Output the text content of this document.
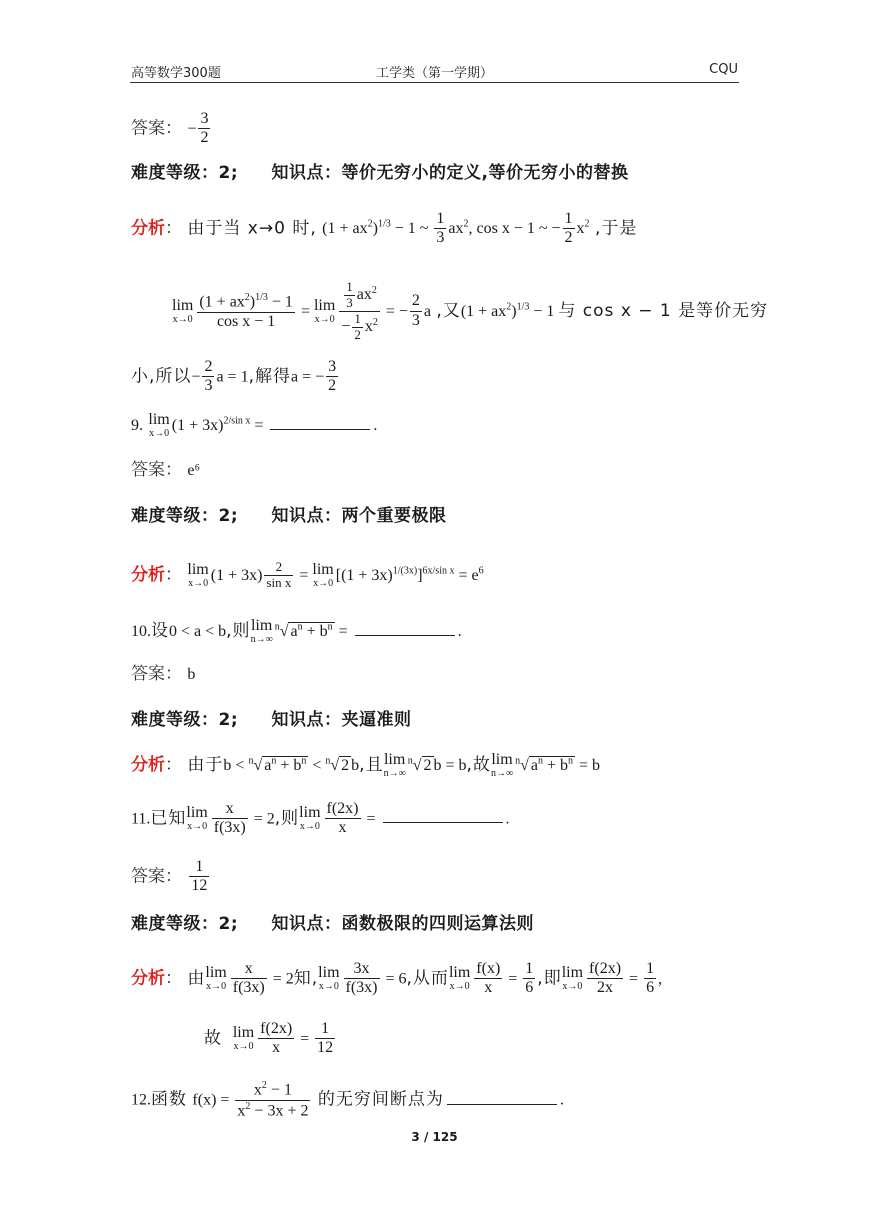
高等数学300题	工学类（第一学期）	CQU
答案： − $\frac{3}{2}$
难度等级：2; 知识点：等价无穷小的定义,等价无穷小的替换
分析： 由于当 x→0 时, $(1 + ax^2)^{1/3} - 1$ ~ $\frac{1}{3} ax^2$, cos x − 1 ~ − $\frac{1}{2} x^2$ ,于是
lim
$x\to 0 \frac{(1 + ax^2)^{1/3} - 1}{\text{cos x − 1}} = \lim$
$x\to 0 \frac{\frac{1}{3} ax^2}{- \frac{1}{2} x^2}$ = − $\frac{2}{3}$ a ,又$(1 + ax^2)^{1/3} - 1$ 与 cos x − 1 是等价无穷
小,所以− $\frac{2}{3}$ a = 1,解得a = − $\frac{3}{2}$
9. lim
x→0 $(1 + 3x)^{2/sin x}$ =	.
答案： e⁶
难度等级：2; 知识点：两个重要极限
分析： lim
x→0 $(1 + 3x) \frac{2}{\text{sin x}} = \lim$
x→0 $[(1 + 3x)^{1/(3x)}]^{6x/sin x} = e^6$
10.设0 < a < b,则 lim
n→∞
$^n$√ $a^n + b^n$ =	.
答案： b
难度等级：2; 知识点：夹逼准则
分析： 由于b < $^n$√ $a^n + b^n < ^n√$ 2 b,且 lim
n→∞
$^n$√ 2 b = b,故 lim
n→∞
$^n$√ $a^n + b^n = b$
11.已知 lim
$x\to 0 \frac{x}{f(3x)} = 2$,则 lim
$x\to 0 \frac{f(2x)}{x}$ =	.
答案： $\frac{1}{12}$
难度等级：2; 知识点：函数极限的四则运算法则
分析： 由 lim
$x\to 0 \frac{x}{f(3x)} = 2$知, lim
$x\to 0 \frac{3x}{f(3x)} = 6$,从而 lim
$x\to 0 \frac{f(x)}{x} = \frac{1}{6}$ ,即 lim
$x\to 0 \frac{f(2x)}{2x} = \frac{1}{6}$ ,
故 lim
$x\to 0 \frac{f(2x)}{x} = \frac{1}{12}$
12.函数 $f(x) = \frac{x^2 - 1}{x^2 - 3x + 2}$ 的无穷间断点为	.
3 / 125
